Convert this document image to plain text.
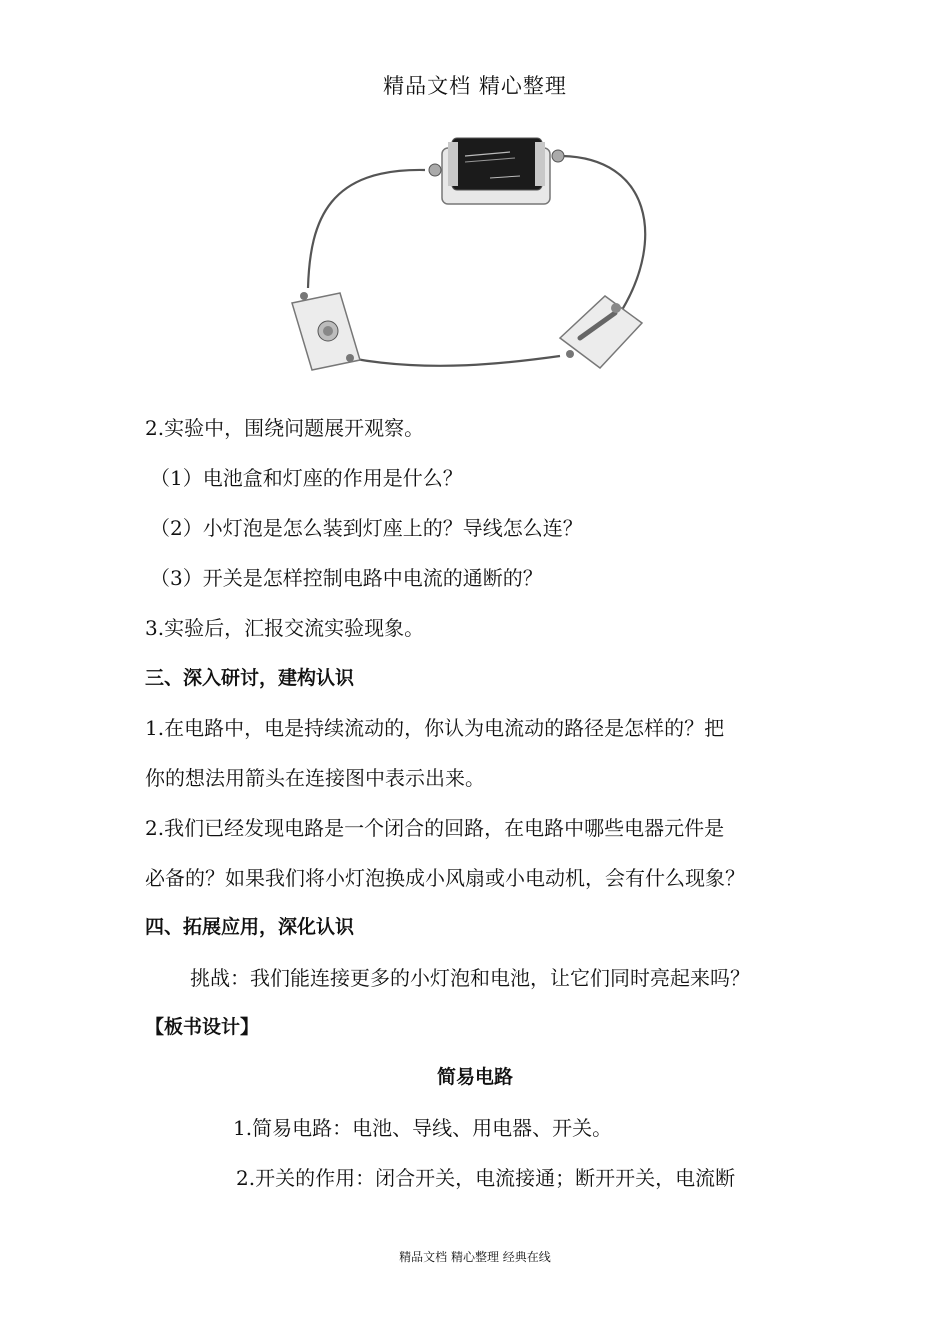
精品文档 精心整理
2.实验中，围绕问题展开观察。
（1）电池盒和灯座的作用是什么？
（2）小灯泡是怎么装到灯座上的？导线怎么连？
（3）开关是怎样控制电路中电流的通断的？
3.实验后，汇报交流实验现象。
三、深入研讨，建构认识
1.在电路中，电是持续流动的，你认为电流动的路径是怎样的？把
你的想法用箭头在连接图中表示出来。
2.我们已经发现电路是一个闭合的回路，在电路中哪些电器元件是
必备的？如果我们将小灯泡换成小风扇或小电动机，会有什么现象？
四、拓展应用，深化认识
挑战：我们能连接更多的小灯泡和电池，让它们同时亮起来吗？
【板书设计】
简易电路
1.简易电路：电池、导线、用电器、开关。
2.开关的作用：闭合开关，电流接通；断开开关，电流断
精品文档 精心整理 经典在线
